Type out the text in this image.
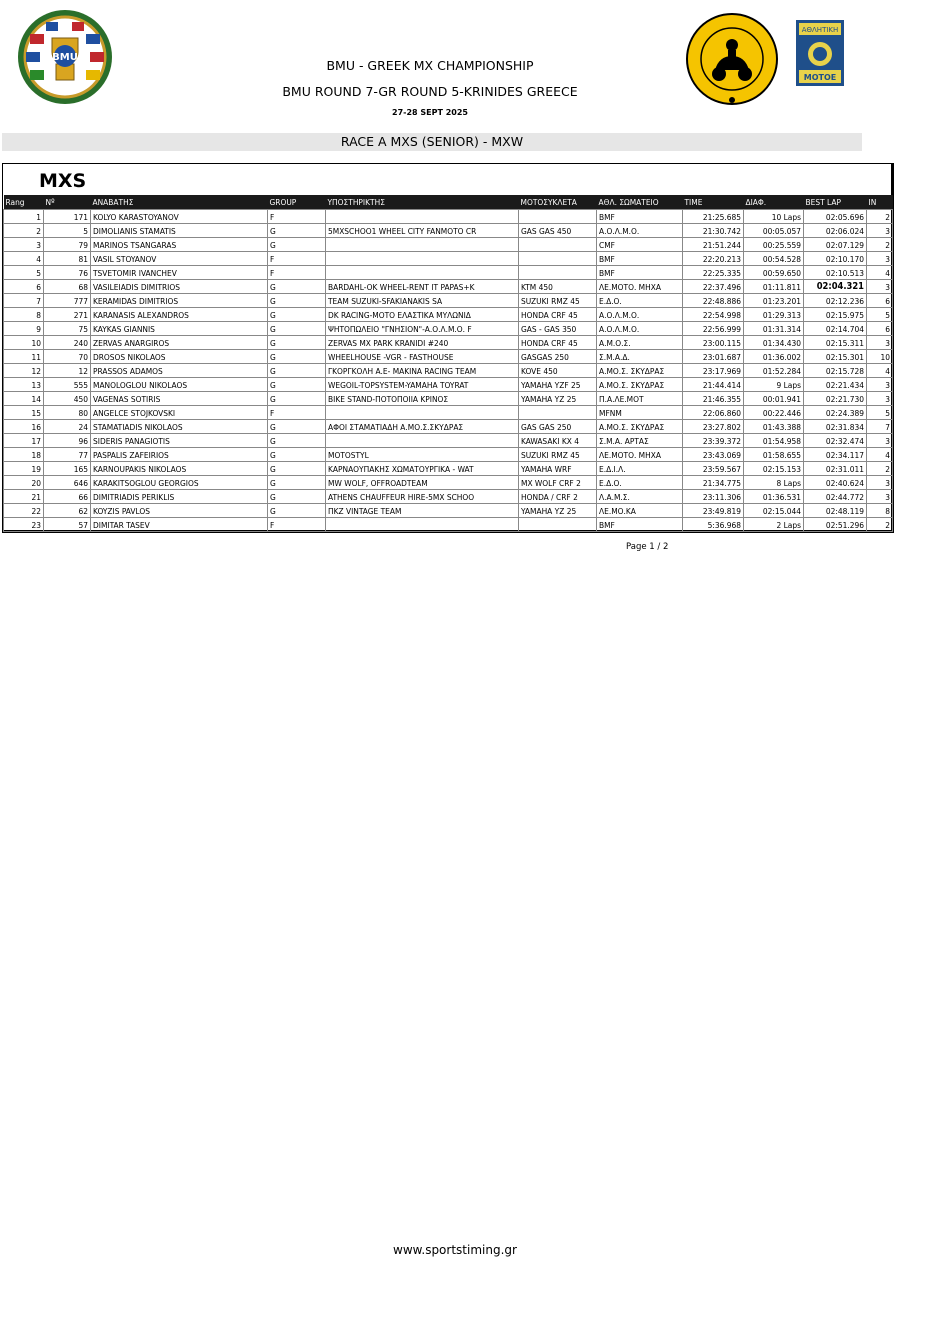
BMU
ΑΘΛΗΤΙΚΗ
ΜΟΤΟΕ
BMU - GREEK MX CHAMPIONSHIP
BMU ROUND 7-GR ROUND 5-KRINIDES GREECE
27-28 SEPT 2025
RACE A MXS (SENIOR) - MXW
MXS
Rang	Nº	ΑΝΑΒΑΤΗΣ	GROUP	ΥΠΟΣΤΗΡΙΚΤΗΣ	ΜΟΤΟΣΥΚΛΕΤΑ	ΑΘΛ. ΣΩΜΑΤΕΙΟ	TIME	ΔΙΑΦ.	BEST LAP	IN
1	171	KOLYO KARASTOYANOV	F			BMF	21:25.685	10 Laps	02:05.696	2
2	5	DIMOLIANIS STAMATIS	G	5MXSCHOO1 WHEEL CITY FANMOTO CR	GAS GAS 450	Α.Ο.Λ.Μ.Ο.	21:30.742	00:05.057	02:06.024	3
3	79	MARINOS TSANGARAS	G			CMF	21:51.244	00:25.559	02:07.129	2
4	81	VASIL STOYANOV	F			BMF	22:20.213	00:54.528	02:10.170	3
5	76	TSVETOMIR IVANCHEV	F			BMF	22:25.335	00:59.650	02:10.513	4
6	68	VASILEIADIS DIMITRIOS	G	BARDAHL-OK WHEEL-RENT IT PAPAS+K	KTM 450	ΛΕ.ΜΟΤΟ. ΜΗΧΑ	22:37.496	01:11.811	02:04.321	3
7	777	KERAMIDAS DIMITRIOS	G	TEAM SUZUKI-SFAKIANAKIS SA	SUZUKI RMZ 45	Ε.Δ.Ο.	22:48.886	01:23.201	02:12.236	6
8	271	KARANASIS ALEXANDROS	G	DK RACING-MOTO ΕΛΑΣΤΙΚΑ ΜΥΛΩΝΙΔ	HONDA CRF 45	Α.Ο.Λ.Μ.Ο.	22:54.998	01:29.313	02:15.975	5
9	75	KAYKAS GIANNIS	G	ΨΗΤΟΠΩΛΕΙΟ "ΓΝΗΣΙΟΝ"-Α.Ο.Λ.Μ.Ο. F	GAS - GAS 350	Α.Ο.Λ.Μ.Ο.	22:56.999	01:31.314	02:14.704	6
10	240	ZERVAS ANARGIROS	G	ZERVAS MX PARK KRANIDI #240	HONDA CRF 45	Α.Μ.Ο.Σ.	23:00.115	01:34.430	02:15.311	3
11	70	DROSOS NIKOLAOS	G	WHEELHOUSE -VGR - FASTHOUSE	GASGAS 250	Σ.Μ.Α.Δ.	23:01.687	01:36.002	02:15.301	10
12	12	PRASSOS ADAMOS	G	ΓΚΟΡΓΚΟΛΗ Α.Ε- MAKINA RACING TEAM	KOVE 450	Α.ΜΟ.Σ. ΣΚΥΔΡΑΣ	23:17.969	01:52.284	02:15.728	4
13	555	MANOLOGLOU NIKOLAOS	G	WEGOIL-TOPSYSTEM-YAMAHA TOYRAT	YAMAHA YZF 25	Α.ΜΟ.Σ. ΣΚΥΔΡΑΣ	21:44.414	9 Laps	02:21.434	3
14	450	VAGENAS SOTIRIS	G	BIKE STAND-ΠΟΤΟΠΟΙΙΑ ΚΡΙΝΟΣ	YAMAHA YZ 25	Π.Α.ΛΕ.ΜΟΤ	21:46.355	00:01.941	02:21.730	3
15	80	ANGELCE STOJKOVSKI	F			MFNM	22:06.860	00:22.446	02:24.389	5
16	24	STAMATIADIS NIKOLAOS	G	ΑΦΟΙ ΣΤΑΜΑΤΙΑΔΗ Α.ΜΟ.Σ.ΣΚΥΔΡΑΣ	GAS GAS 250	Α.ΜΟ.Σ. ΣΚΥΔΡΑΣ	23:27.802	01:43.388	02:31.834	7
17	96	SIDERIS PANAGIOTIS	G		KAWASAKI KX 4	Σ.Μ.Α. ΑΡΤΑΣ	23:39.372	01:54.958	02:32.474	3
18	77	PASPALIS ZAFEIRIOS	G	MOTOSTYL	SUZUKI RMZ 45	ΛΕ.ΜΟΤΟ. ΜΗΧΑ	23:43.069	01:58.655	02:34.117	4
19	165	KARNOUPAKIS NIKOLAOS	G	ΚΑΡΝΑΟΥΠΑΚΗΣ ΧΩΜΑΤΟΥΡΓΙΚΑ - WAT	YAMAHA WRF	Ε.Δ.Ι.Λ.	23:59.567	02:15.153	02:31.011	2
20	646	KARAKITSOGLOU GEORGIOS	G	MW WOLF, OFFROADTEAM	MX WOLF CRF 2	Ε.Δ.Ο.	21:34.775	8 Laps	02:40.624	3
21	66	DIMITRIADIS PERIKLIS	G	ATHENS CHAUFFEUR HIRE-5MX SCHOO	HONDA / CRF 2	Λ.Α.Μ.Σ.	23:11.306	01:36.531	02:44.772	3
22	62	KOYZIS PAVLOS	G	ΠΚΖ VINTAGE TEAM	YAMAHA YZ 25	ΛΕ.ΜΟ.ΚΑ	23:49.819	02:15.044	02:48.119	8
23	57	DIMITAR TASEV	F			BMF	5:36.968	2 Laps	02:51.296	2
Page 1 / 2
www.sportstiming.gr
